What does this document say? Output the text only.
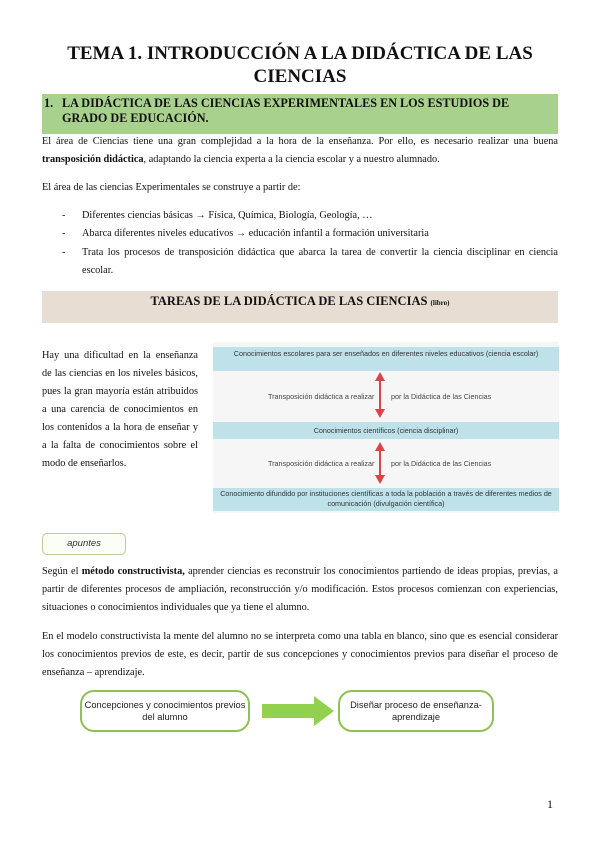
TEMA 1. INTRODUCCIÓN A LA DIDÁCTICA DE LAS CIENCIAS
1. LA DIDÁCTICA DE LAS CIENCIAS EXPERIMENTALES EN LOS ESTUDIOS DE GRADO DE EDUCACIÓN.
El área de Ciencias tiene una gran complejidad a la hora de la enseñanza. Por ello, es necesario realizar una buena transposición didáctica, adaptando la ciencia experta a la ciencia escolar y a nuestro alumnado.
El área de las ciencias Experimentales se construye a partir de:
- Diferentes ciencias básicas → Física, Química, Biología, Geología, …
- Abarca diferentes niveles educativos → educación infantil a formación universitaria
- Trata los procesos de transposición didáctica que abarca la tarea de convertir la ciencia disciplinar en ciencia escolar.
TAREAS DE LA DIDÁCTICA DE LAS CIENCIAS (libro)
Hay una dificultad en la enseñanza de las ciencias en los niveles básicos, pues la gran mayoría están atribuidos a una carencia de conocimientos en los contenidos a la hora de enseñar y a la falta de conocimientos sobre el modo de enseñarlos.
Conocimientos escolares para ser enseñados en diferentes niveles educativos (ciencia escolar)
Transposición didáctica a realizar por la Didáctica de las Ciencias
Conocimientos científicos (ciencia disciplinar)
Transposición didáctica a realizar por la Didáctica de las Ciencias
Conocimiento difundido por instituciones científicas a toda la población a través de diferentes medios de comunicación (divulgación científica)
apuntes
Según el método constructivista, aprender ciencias es reconstruir los conocimientos partiendo de ideas propias, previas, a partir de diferentes procesos de ampliación, reconstrucción y/o modificación. Estos procesos comienzan con experiencias, situaciones o conocimientos individuales que ya tiene el alumno.
En el modelo constructivista la mente del alumno no se interpreta como una tabla en blanco, sino que es esencial considerar los conocimientos previos de este, es decir, partir de sus concepciones y conocimientos previos para diseñar el proceso de enseñanza – aprendizaje.
Concepciones y conocimientos previos del alumno
Diseñar proceso de enseñanza-aprendizaje
1
